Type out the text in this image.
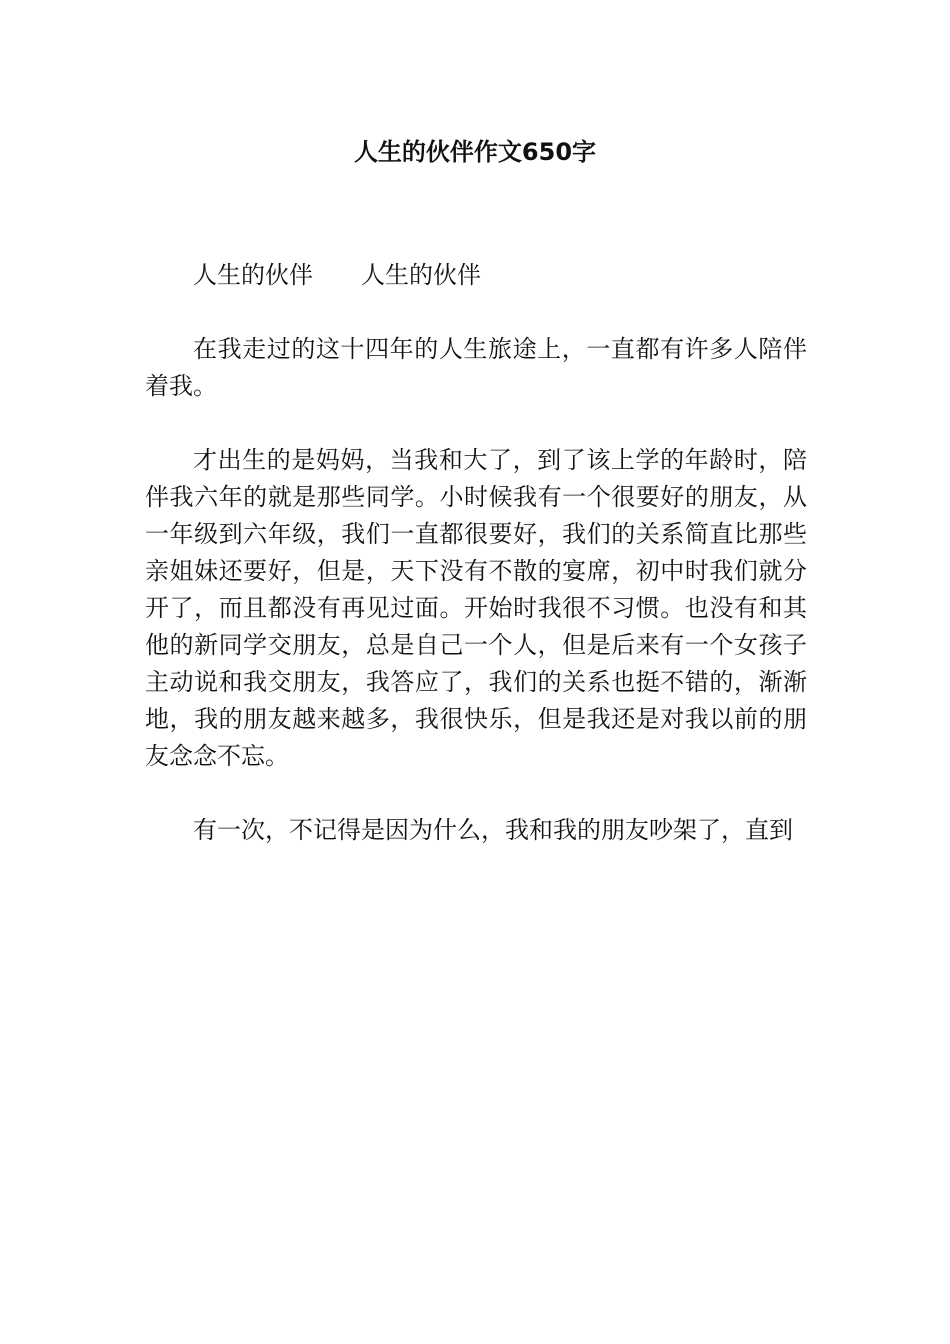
人生的伙伴作文650字

人生的伙伴 人生的伙伴

在我走过的这十四年的人生旅途上，一直都有许多人陪伴着我。

才出生的是妈妈，当我和大了，到了该上学的年龄时，陪伴我六年的就是那些同学。小时候我有一个很要好的朋友，从一年级到六年级，我们一直都很要好，我们的关系简直比那些亲姐妹还要好，但是，天下没有不散的宴席，初中时我们就分开了，而且都没有再见过面。开始时我很不习惯。也没有和其他的新同学交朋友，总是自己一个人，但是后来有一个女孩子主动说和我交朋友，我答应了，我们的关系也挺不错的，渐渐地，我的朋友越来越多，我很快乐，但是我还是对我以前的朋友念念不忘。

有一次，不记得是因为什么，我和我的朋友吵架了，直到
